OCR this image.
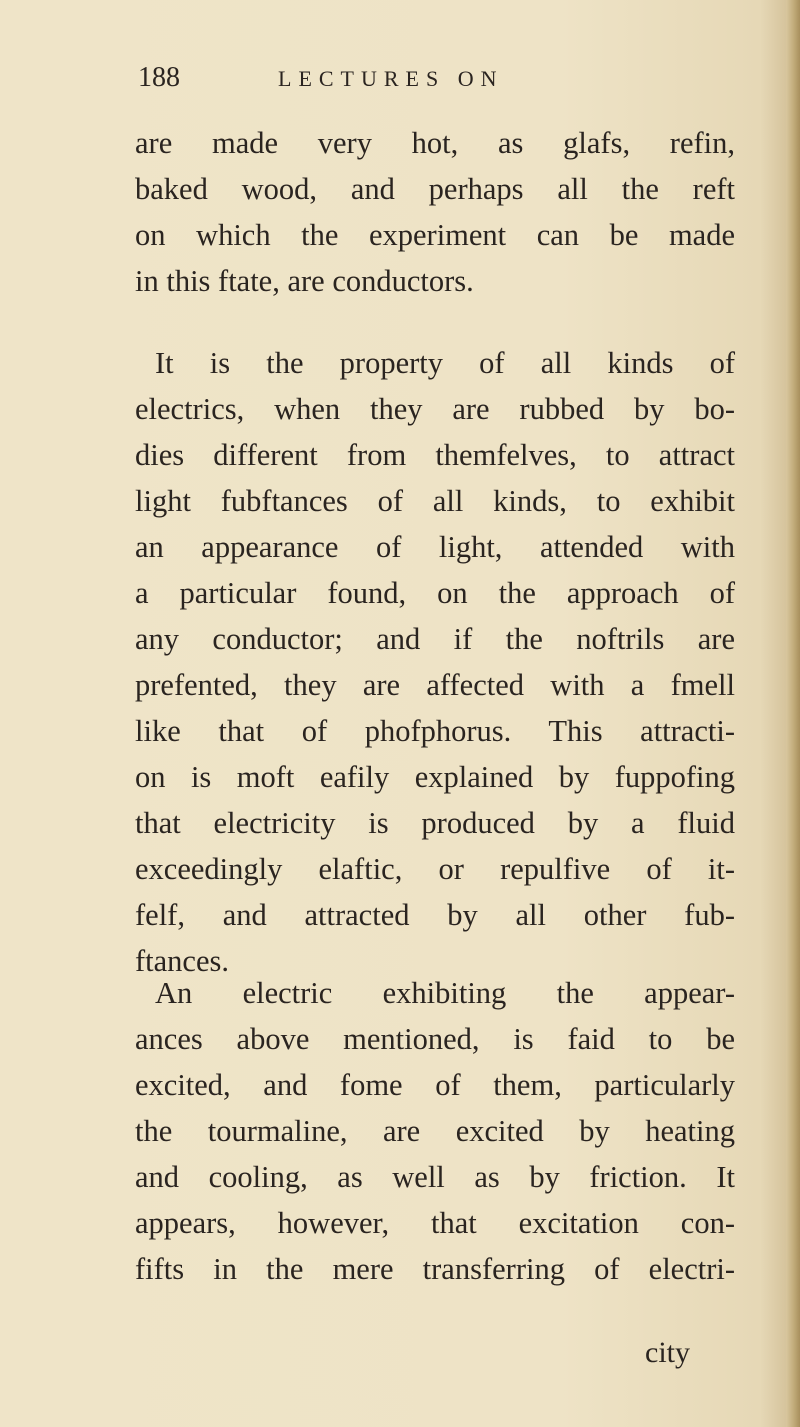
188	LECTURES ON
are made very hot, as glafs, refin,
baked wood, and perhaps all the reft
on which the experiment can be made
in this ftate, are conductors.
It is the property of all kinds of
electrics, when they are rubbed by bo-
dies different from themfelves, to attract
light fubftances of all kinds, to exhibit
an appearance of light, attended with
a particular found, on the approach of
any conductor; and if the noftrils are
prefented, they are affected with a fmell
like that of phofphorus. This attracti-
on is moft eafily explained by fuppofing
that electricity is produced by a fluid
exceedingly elaftic, or repulfive of it-
felf, and attracted by all other fub-
ftances.
An electric exhibiting the appear-
ances above mentioned, is faid to be
excited, and fome of them, particularly
the tourmaline, are excited by heating
and cooling, as well as by friction. It
appears, however, that excitation con-
fifts in the mere transferring of electri-
city
